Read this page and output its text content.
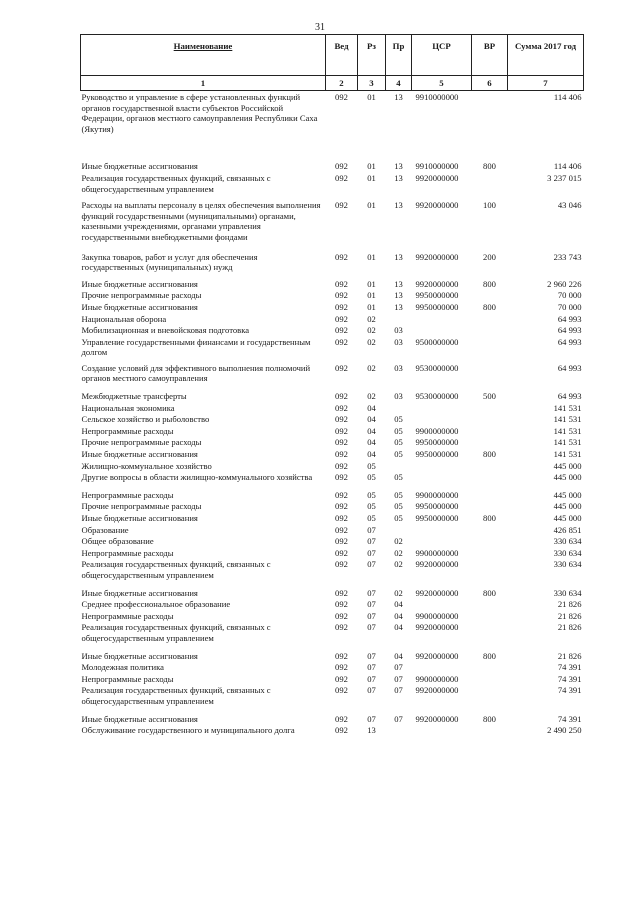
31
Наименование	Вед	Рз	Пр	ЦСР	ВР	Сумма 2017 год
1	2	3	4	5	6	7
Руководство и управление в сфере установленных функций органов государственной власти субъектов Российской Федерации, органов местного самоуправления Республики Саха (Якутия)	092	01	13	9910000000		114 406
Иные бюджетные ассигнования	092	01	13	9910000000	800	114 406
Реализация государственных функций, связанных с общегосударственным управлением	092	01	13	9920000000		3 237 015
Расходы на выплаты персоналу в целях обеспечения выполнения функций государственными (муниципальными) органами, казенными учреждениями, органами управления государственными внебюджетными фондами	092	01	13	9920000000	100	43 046
Закупка товаров, работ и услуг для обеспечения государственных (муниципальных) нужд	092	01	13	9920000000	200	233 743
Иные бюджетные ассигнования	092	01	13	9920000000	800	2 960 226
Прочие непрограммные расходы	092	01	13	9950000000		70 000
Иные бюджетные ассигнования	092	01	13	9950000000	800	70 000
Национальная оборона	092	02				64 993
Мобилизационная и вневойсковая подготовка	092	02	03			64 993
Управление государственными финансами и государственным долгом	092	02	03	9500000000		64 993
Создание условий для эффективного выполнения полномочий органов местного самоуправления	092	02	03	9530000000		64 993
Межбюджетные трансферты	092	02	03	9530000000	500	64 993
Национальная экономика	092	04				141 531
Сельское хозяйство и рыболовство	092	04	05			141 531
Непрограммные расходы	092	04	05	9900000000		141 531
Прочие непрограммные расходы	092	04	05	9950000000		141 531
Иные бюджетные ассигнования	092	04	05	9950000000	800	141 531
Жилищно-коммунальное хозяйство	092	05				445 000
Другие вопросы в области жилищно-коммунального хозяйства	092	05	05			445 000
Непрограммные расходы	092	05	05	9900000000		445 000
Прочие непрограммные расходы	092	05	05	9950000000		445 000
Иные бюджетные ассигнования	092	05	05	9950000000	800	445 000
Образование	092	07				426 851
Общее образование	092	07	02			330 634
Непрограммные расходы	092	07	02	9900000000		330 634
Реализация государственных функций, связанных с общегосударственным управлением	092	07	02	9920000000		330 634
Иные бюджетные ассигнования	092	07	02	9920000000	800	330 634
Среднее профессиональное образование	092	07	04			21 826
Непрограммные расходы	092	07	04	9900000000		21 826
Реализация государственных функций, связанных с общегосударственным управлением	092	07	04	9920000000		21 826
Иные бюджетные ассигнования	092	07	04	9920000000	800	21 826
Молодежная политика	092	07	07			74 391
Непрограммные расходы	092	07	07	9900000000		74 391
Реализация государственных функций, связанных с общегосударственным управлением	092	07	07	9920000000		74 391
Иные бюджетные ассигнования	092	07	07	9920000000	800	74 391
Обслуживание государственного и муниципального долга	092	13				2 490 250
